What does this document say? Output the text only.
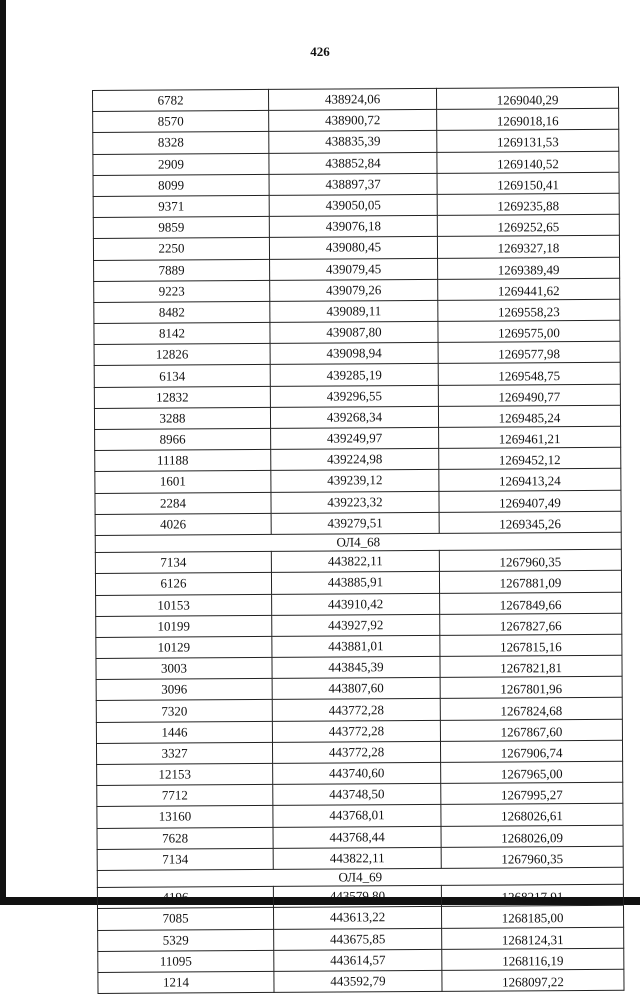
426
6782	438924,06	1269040,29
8570	438900,72	1269018,16
8328	438835,39	1269131,53
2909	438852,84	1269140,52
8099	438897,37	1269150,41
9371	439050,05	1269235,88
9859	439076,18	1269252,65
2250	439080,45	1269327,18
7889	439079,45	1269389,49
9223	439079,26	1269441,62
8482	439089,11	1269558,23
8142	439087,80	1269575,00
12826	439098,94	1269577,98
6134	439285,19	1269548,75
12832	439296,55	1269490,77
3288	439268,34	1269485,24
8966	439249,97	1269461,21
11188	439224,98	1269452,12
1601	439239,12	1269413,24
2284	439223,32	1269407,49
4026	439279,51	1269345,26
ОЛ4_68		
7134	443822,11	1267960,35
6126	443885,91	1267881,09
10153	443910,42	1267849,66
10199	443927,92	1267827,66
10129	443881,01	1267815,16
3003	443845,39	1267821,81
3096	443807,60	1267801,96
7320	443772,28	1267824,68
1446	443772,28	1267867,60
3327	443772,28	1267906,74
12153	443740,60	1267965,00
7712	443748,50	1267995,27
13160	443768,01	1268026,61
7628	443768,44	1268026,09
7134	443822,11	1267960,35
ОЛ4_69		
4196	443579,80	1268217,91
7085	443613,22	1268185,00
5329	443675,85	1268124,31
11095	443614,57	1268116,19
1214	443592,79	1268097,22
